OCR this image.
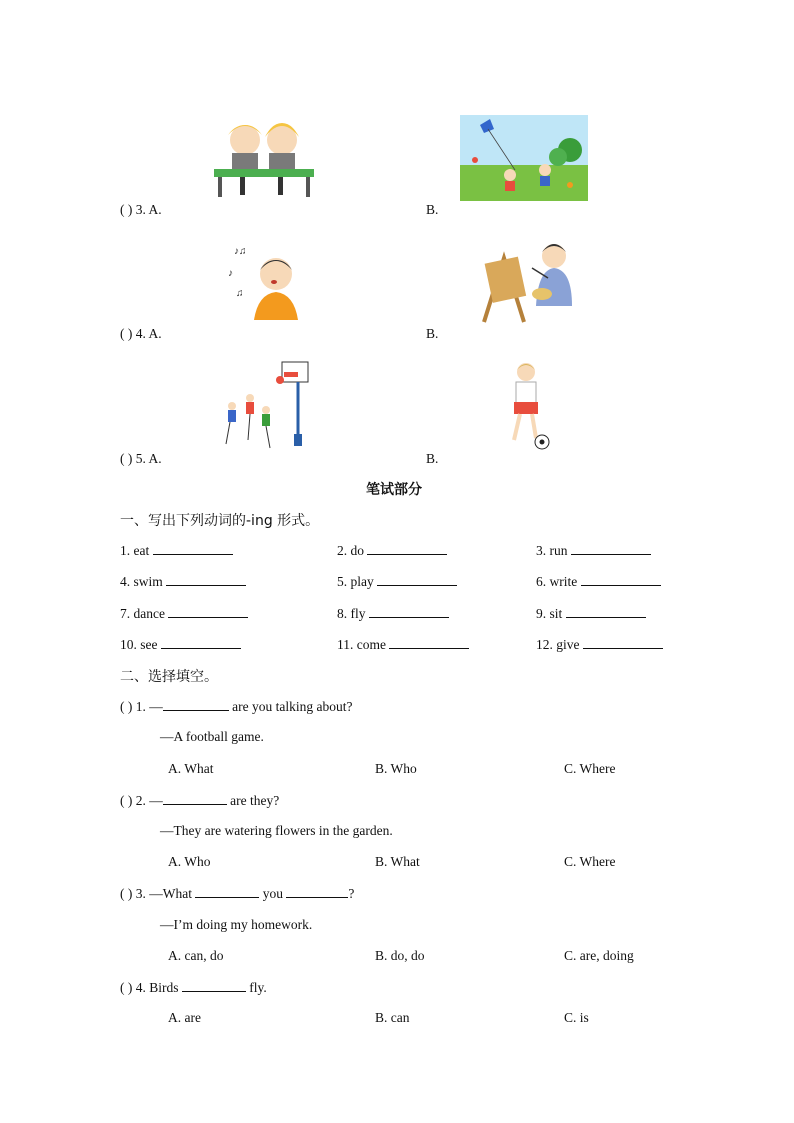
♪♫
♪
♫
( ) 3. A.	B.
( ) 4. A.	B.
( ) 5. A.	B.
笔试部分
一、写出下列动词的-ing 形式。
1. eat	2. do	3. run
4. swim	5. play	6. write
7. dance	8. fly	9. sit
10. see	11. come	12. give
二、选择填空。
( ) 1. —	are you talking about?
—A football game.
A. What	B. Who	C. Where
( ) 2. —	are they?
—They are watering flowers in the garden.
A. Who	B. What	C. Where
( ) 3. —What	you	?
—I’m doing my homework.
A. can, do	B. do, do	C. are, doing
( ) 4. Birds	fly.
A. are	B. can	C. is
